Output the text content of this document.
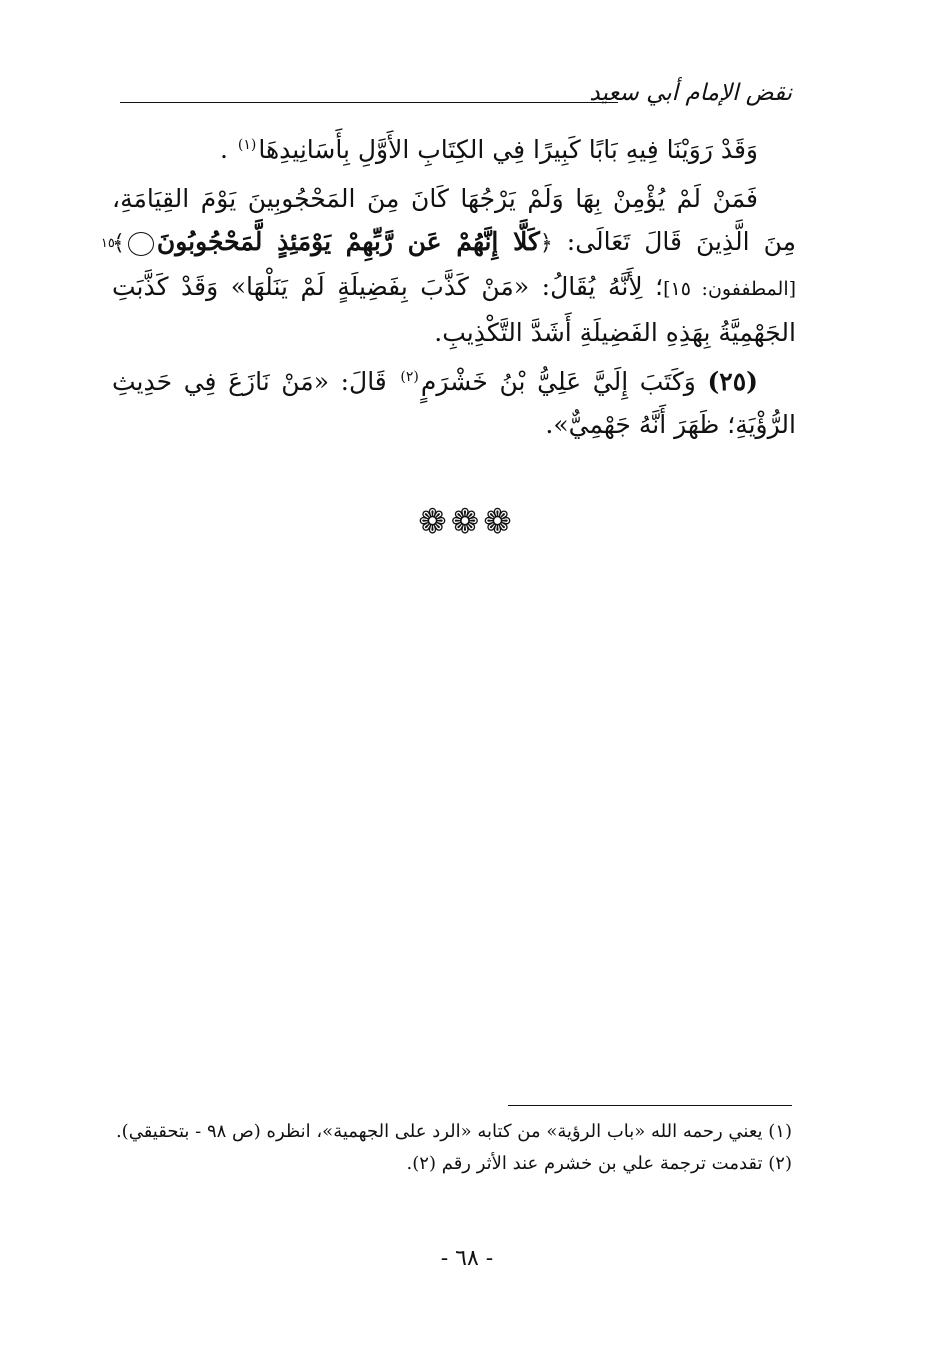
نقض الإمام أبي سعيد

وَقَدْ رَوَيْنَا فِيهِ بَابًا كَبِيرًا فِي الكِتَابِ الأَوَّلِ بِأَسَانِيدِهَا$^{(١)}$ .

فَمَنْ لَمْ يُؤْمِنْ بِهَا وَلَمْ يَرْجُهَا كَانَ مِنَ المَحْجُوبِينَ يَوْمَ القِيَامَةِ، مِنَ الَّذِينَ قَالَ تَعَالَى: ﴿كَلَّا إِنَّهُمْ عَن رَّبِّهِمْ يَوْمَئِذٍ لَّمَحْجُوبُونَ١٥﴾[المطففون: ١٥]؛ لِأَنَّهُ يُقَالُ: «مَنْ كَذَّبَ بِفَضِيلَةٍ لَمْ يَنَلْهَا» وَقَدْ كَذَّبَتِ الجَهْمِيَّةُ بِهَذِهِ الفَضِيلَةِ أَشَدَّ التَّكْذِيبِ.

(٢٥) وَكَتَبَ إِلَيَّ عَلِيُّ بْنُ خَشْرَمٍ$^{(٢)}$ قَالَ: «مَنْ نَازَعَ فِي حَدِيثِ الرُّؤْيَةِ؛ ظَهَرَ أَنَّهُ جَهْمِيٌّ».

❁❁❁

(١) يعني رحمه الله «باب الرؤية» من كتابه «الرد على الجهمية»، انظره (ص ٩٨ - بتحقيقي).

(٢) تقدمت ترجمة علي بن خشرم عند الأثر رقم (٢).

- ٦٨ -
